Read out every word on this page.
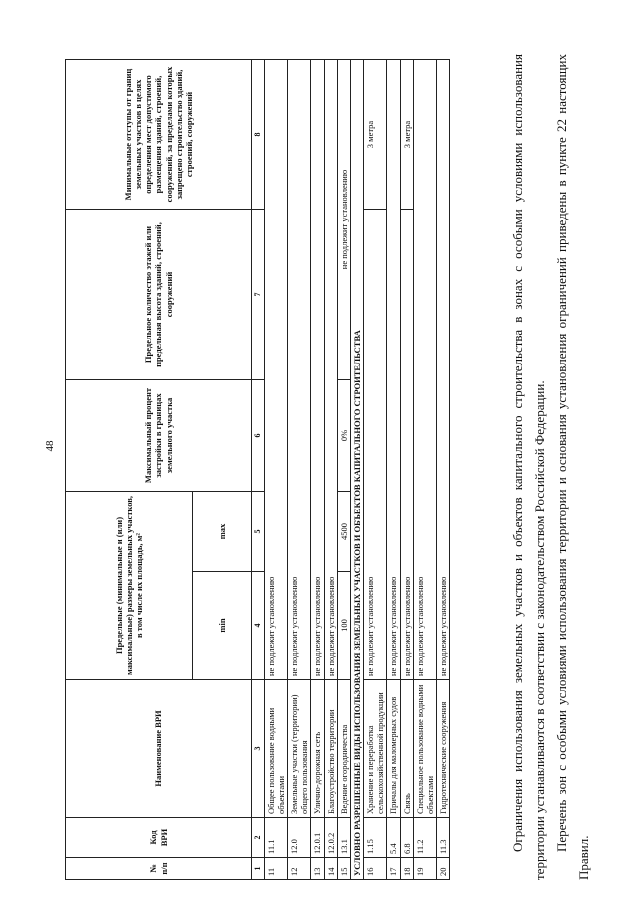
48
№ п/п	Код ВРИ	Наименование ВРИ	Предельные (минимальные и (или) максимальные) размеры земельных участков, в том числе их площадь, м²		Максимальный процент застройки в границах земельного участка	Предельное количество этажей или предельная высота зданий, строений, сооружений	Минимальные отступы от границ земельных участков в целях определения мест допустимого размещения зданий, строений, сооружений, за пределами которых запрещено строительство зданий, строений, сооружений
			min	max			
1	2	3	4	5	6	7	8
11	11.1	Общее пользование водными объектами	не подлежит установлению				
12	12.0	Земельные участки (территории) общего пользования	не подлежит установлению				
13	12.0.1	Улично-дорожная сеть	не подлежит установлению				
14	12.0.2	Благоустройство территории	не подлежит установлению				
15	13.1	Ведение огородничества	100	4500	0%	не подлежит установлению	
УСЛОВНО РАЗРЕШЕННЫЕ ВИДЫ ИСПОЛЬЗОВАНИЯ ЗЕМЕЛЬНЫХ УЧАСТКОВ И ОБЪЕКТОВ КАПИТАЛЬНОГО СТРОИТЕЛЬСТВА							
16	1.15	Хранение и переработка сельскохозяйственной продукции	не подлежит установлению				3 метра
17	5.4	Причалы для маломерных судов	не подлежит установлению				
18	6.8	Связь	не подлежит установлению				3 метра
19	11.2	Специальное пользование водными объектами	не подлежит установлению				
20	11.3	Гидротехнические сооружения	не подлежит установлению					Ограничения использования земельных участков и объектов капитального строительства в зонах с особыми условиями использования территории устанавливаются в соответствии с законодательством Российской Федерации. Перечень зон с особыми условиями использования территории и основания установления ограничений приведены в пункте 22 настоящих Правил.
